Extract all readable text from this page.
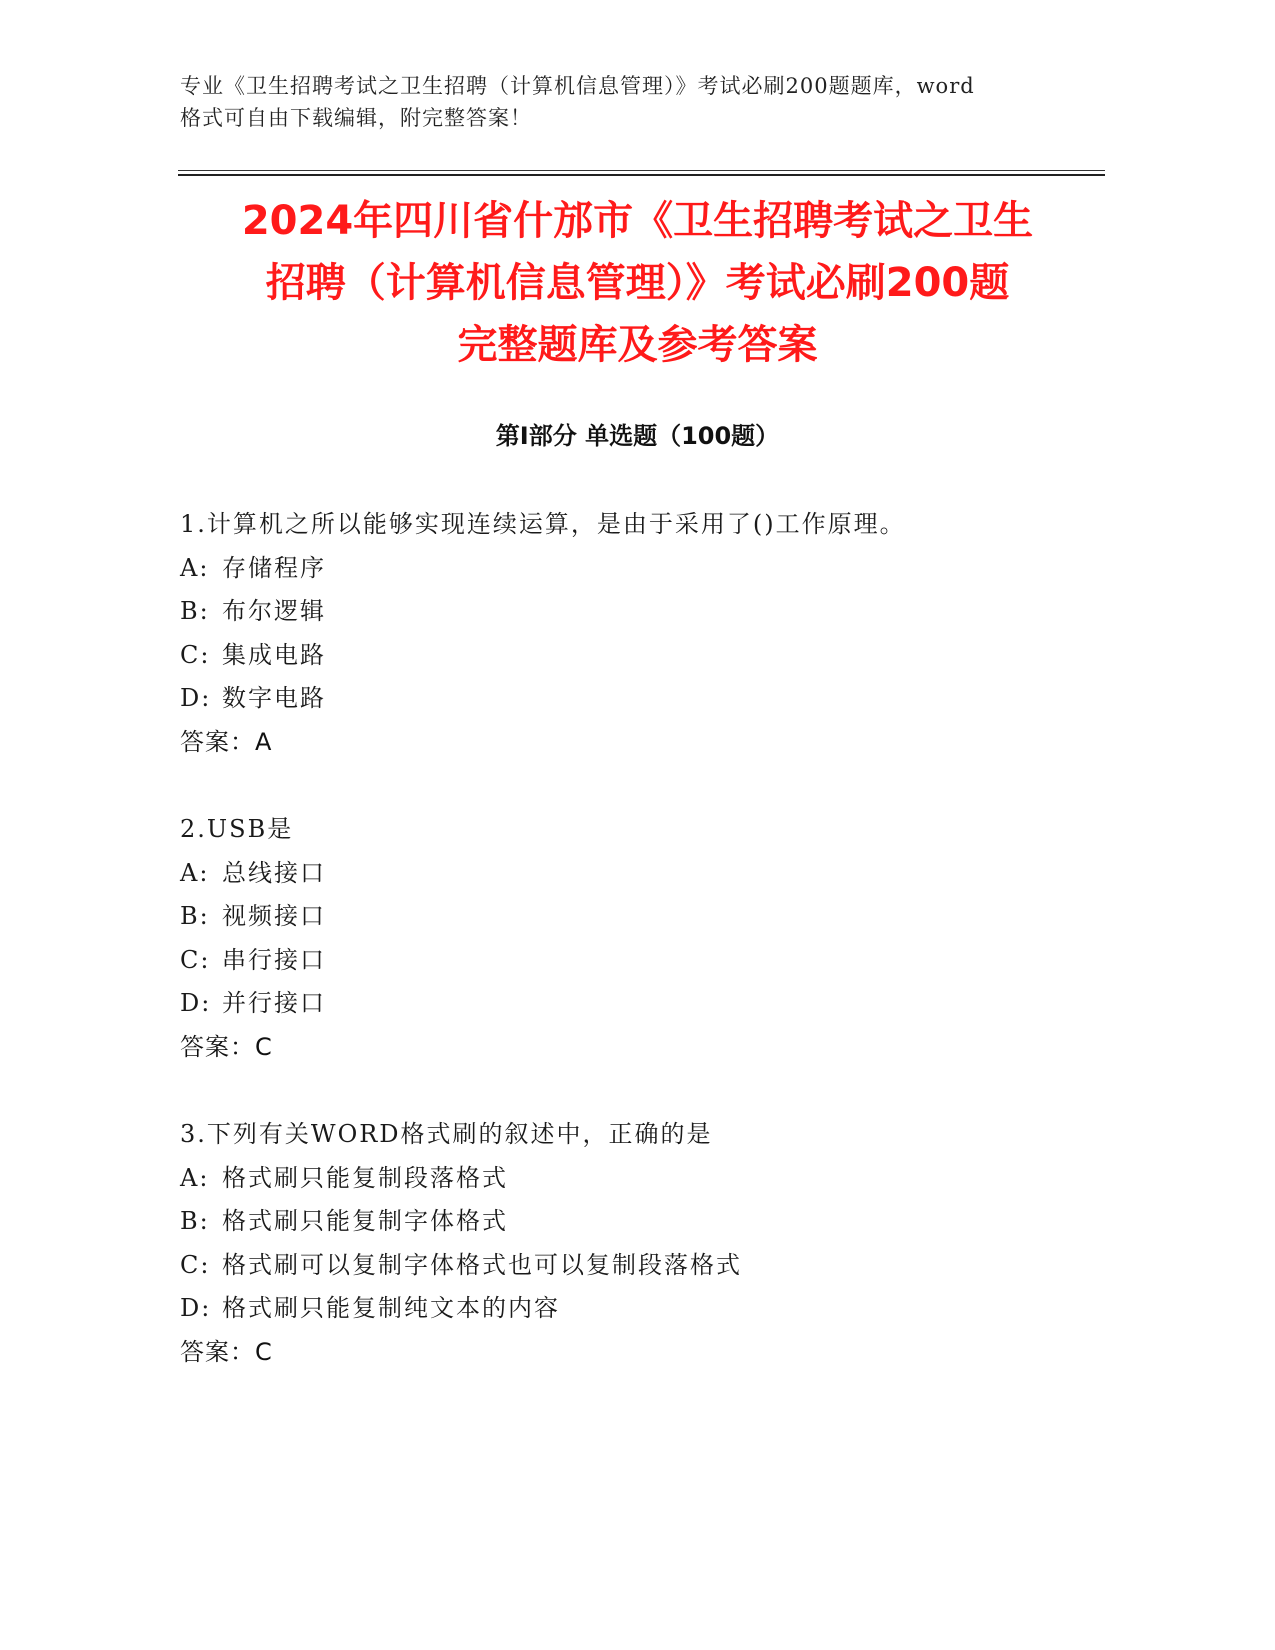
专业《卫生招聘考试之卫生招聘（计算机信息管理）》考试必刷200题题库，word
格式可自由下载编辑，附完整答案！
2024年四川省什邡市《卫生招聘考试之卫生
招聘（计算机信息管理）》考试必刷200题
完整题库及参考答案
第Ⅰ部分 单选题（100题）
1.计算机之所以能够实现连续运算，是由于采用了()工作原理。
A: 存储程序
B: 布尔逻辑
C: 集成电路
D: 数字电路
答案：A
2.USB是
A: 总线接口
B: 视频接口
C: 串行接口
D: 并行接口
答案：C
3.下列有关WORD格式刷的叙述中，正确的是
A: 格式刷只能复制段落格式
B: 格式刷只能复制字体格式
C: 格式刷可以复制字体格式也可以复制段落格式
D: 格式刷只能复制纯文本的内容
答案：C
